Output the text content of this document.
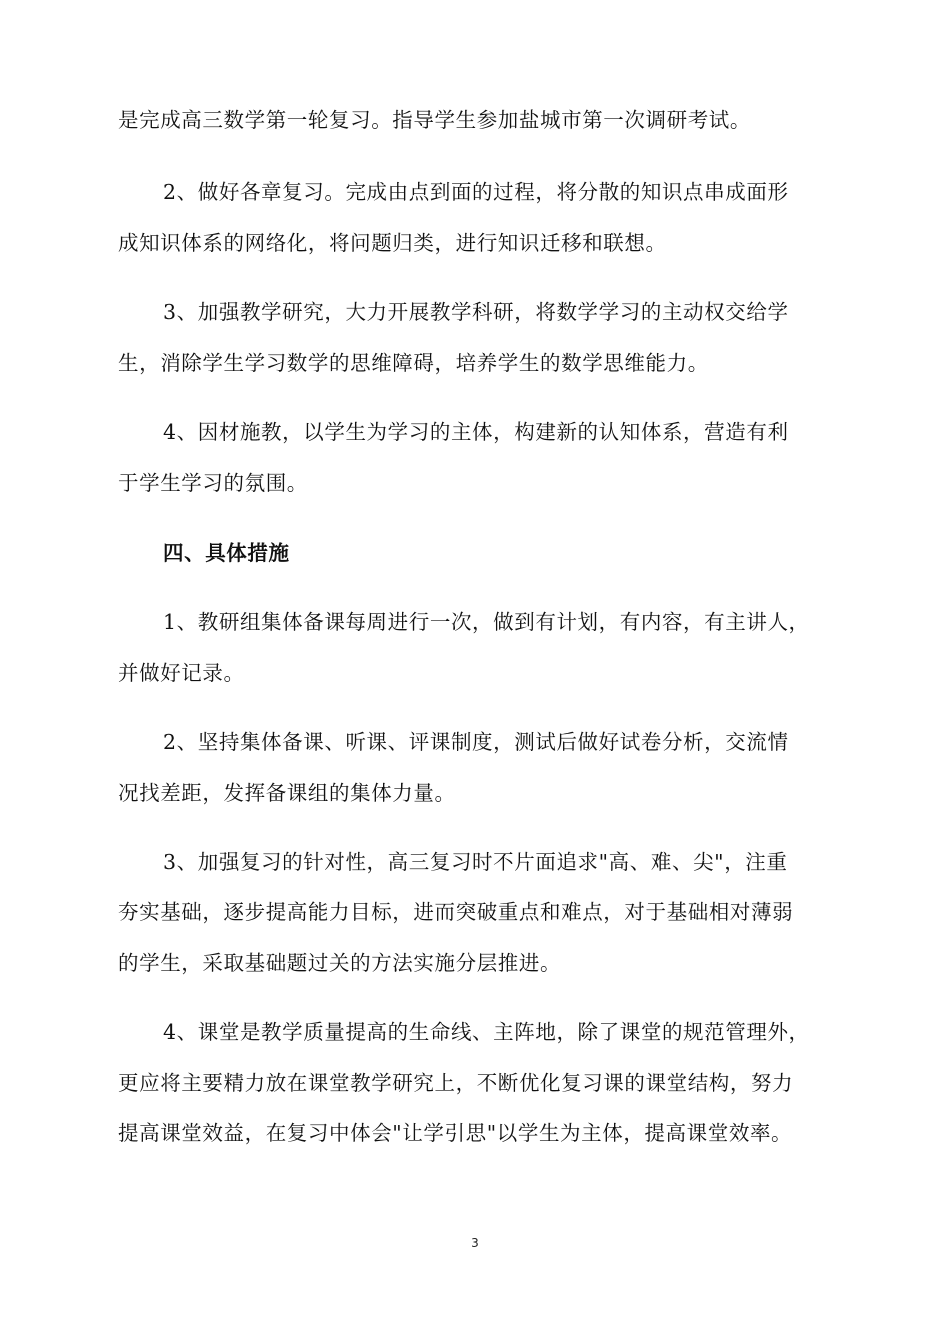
是完成高三数学第一轮复习。指导学生参加盐城市第一次调研考试。
2、做好各章复习。完成由点到面的过程，将分散的知识点串成面形
成知识体系的网络化，将问题归类，进行知识迁移和联想。
3、加强教学研究，大力开展教学科研，将数学学习的主动权交给学
生，消除学生学习数学的思维障碍，培养学生的数学思维能力。
4、因材施教，以学生为学习的主体，构建新的认知体系，营造有利
于学生学习的氛围。
四、具体措施
1、教研组集体备课每周进行一次，做到有计划，有内容，有主讲人，
并做好记录。
2、坚持集体备课、听课、评课制度，测试后做好试卷分析，交流情
况找差距，发挥备课组的集体力量。
3、加强复习的针对性，高三复习时不片面追求"高、难、尖"，注重
夯实基础，逐步提高能力目标，进而突破重点和难点，对于基础相对薄弱
的学生，采取基础题过关的方法实施分层推进。
4、课堂是教学质量提高的生命线、主阵地，除了课堂的规范管理外，
更应将主要精力放在课堂教学研究上，不断优化复习课的课堂结构，努力
提高课堂效益，在复习中体会"让学引思"以学生为主体，提高课堂效率。
3
